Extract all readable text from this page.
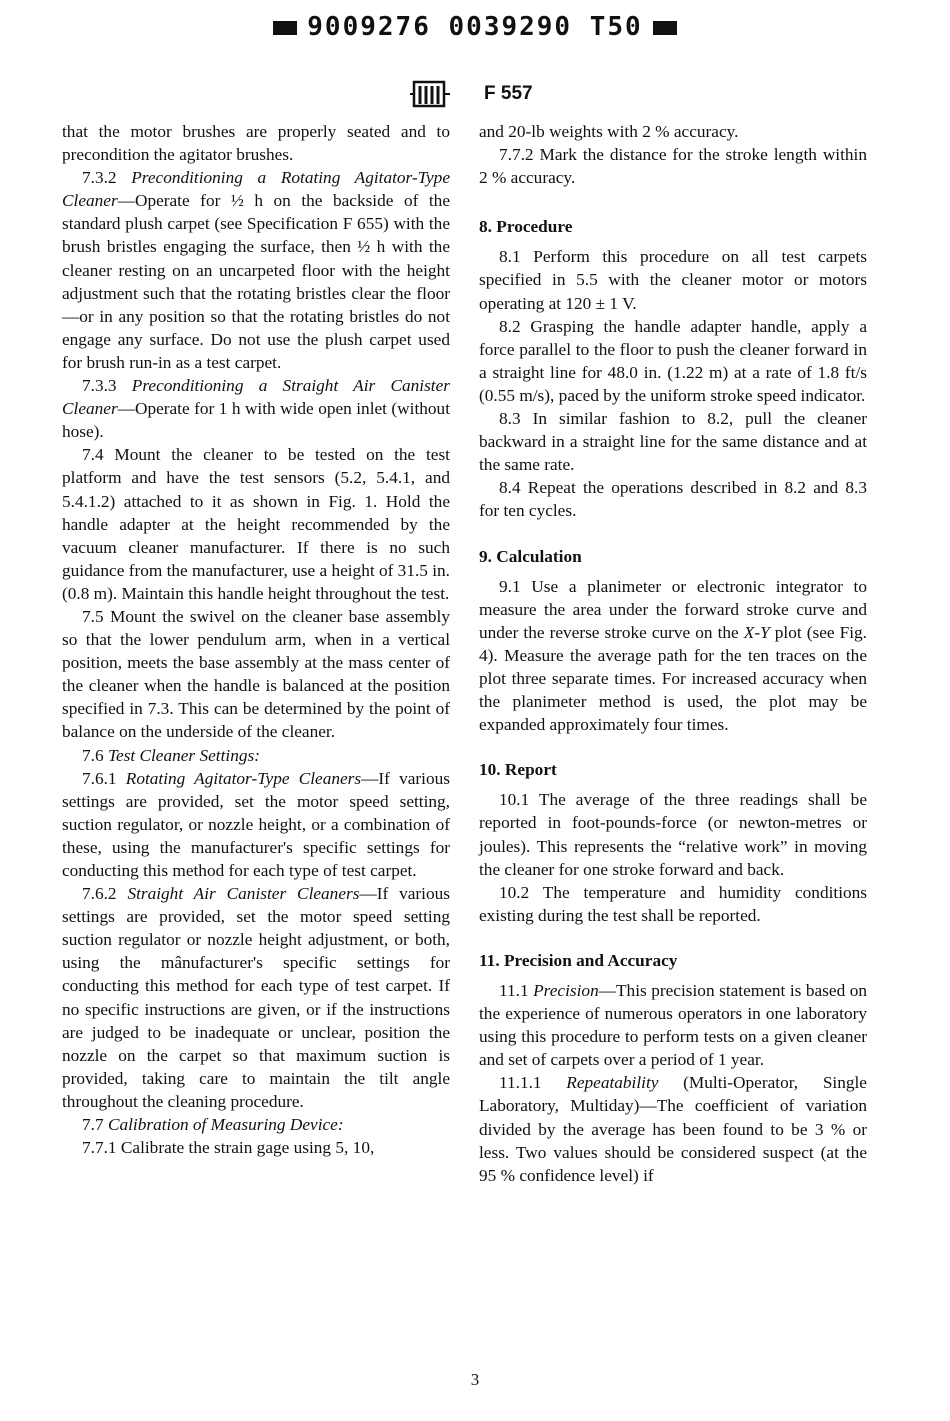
9009276 0039290 T50
F 557

that the motor brushes are properly seated and to precondition the agitator brushes.

7.3.2 Preconditioning a Rotating Agitator-Type Cleaner—Operate for ½ h on the backside of the standard plush carpet (see Specification F 655) with the brush bristles engaging the surface, then ½ h with the cleaner resting on an uncarpeted floor with the height adjustment such that the rotating bristles clear the floor—or in any position so that the rotating bristles do not engage any surface. Do not use the plush carpet used for brush run-in as a test carpet.

7.3.3 Preconditioning a Straight Air Canister Cleaner—Operate for 1 h with wide open inlet (without hose).

7.4 Mount the cleaner to be tested on the test platform and have the test sensors (5.2, 5.4.1, and 5.4.1.2) attached to it as shown in Fig. 1. Hold the handle adapter at the height recommended by the vacuum cleaner manufacturer. If there is no such guidance from the manufacturer, use a height of 31.5 in. (0.8 m). Maintain this handle height throughout the test.

7.5 Mount the swivel on the cleaner base assembly so that the lower pendulum arm, when in a vertical position, meets the base assembly at the mass center of the cleaner when the handle is balanced at the position specified in 7.3. This can be determined by the point of balance on the underside of the cleaner.

7.6 Test Cleaner Settings:

7.6.1 Rotating Agitator-Type Cleaners—If various settings are provided, set the motor speed setting, suction regulator, or nozzle height, or a combination of these, using the manufacturer's specific settings for conducting this method for each type of test carpet.

7.6.2 Straight Air Canister Cleaners—If various settings are provided, set the motor speed setting suction regulator or nozzle height adjustment, or both, using the mânufacturer's specific settings for conducting this method for each type of test carpet. If no specific instructions are given, or if the instructions are judged to be inadequate or unclear, position the nozzle on the carpet so that maximum suction is provided, taking care to maintain the tilt angle throughout the cleaning procedure.

7.7 Calibration of Measuring Device:

7.7.1 Calibrate the strain gage using 5, 10,

and 20-lb weights with 2 % accuracy.

7.7.2 Mark the distance for the stroke length within 2 % accuracy.

8. Procedure

8.1 Perform this procedure on all test carpets specified in 5.5 with the cleaner motor or motors operating at 120 ± 1 V.

8.2 Grasping the handle adapter handle, apply a force parallel to the floor to push the cleaner forward in a straight line for 48.0 in. (1.22 m) at a rate of 1.8 ft/s (0.55 m/s), paced by the uniform stroke speed indicator.

8.3 In similar fashion to 8.2, pull the cleaner backward in a straight line for the same distance and at the same rate.

8.4 Repeat the operations described in 8.2 and 8.3 for ten cycles.

9. Calculation

9.1 Use a planimeter or electronic integrator to measure the area under the forward stroke curve and under the reverse stroke curve on the X-Y plot (see Fig. 4). Measure the average path for the ten traces on the plot three separate times. For increased accuracy when the planimeter method is used, the plot may be expanded approximately four times.

10. Report

10.1 The average of the three readings shall be reported in foot-pounds-force (or newton-metres or joules). This represents the “relative work” in moving the cleaner for one stroke forward and back.

10.2 The temperature and humidity conditions existing during the test shall be reported.

11. Precision and Accuracy

11.1 Precision—This precision statement is based on the experience of numerous operators in one laboratory using this procedure to perform tests on a given cleaner and set of carpets over a period of 1 year.

11.1.1 Repeatability (Multi-Operator, Single Laboratory, Multiday)—The coefficient of variation divided by the average has been found to be 3 % or less. Two values should be considered suspect (at the 95 % confidence level) if

3
